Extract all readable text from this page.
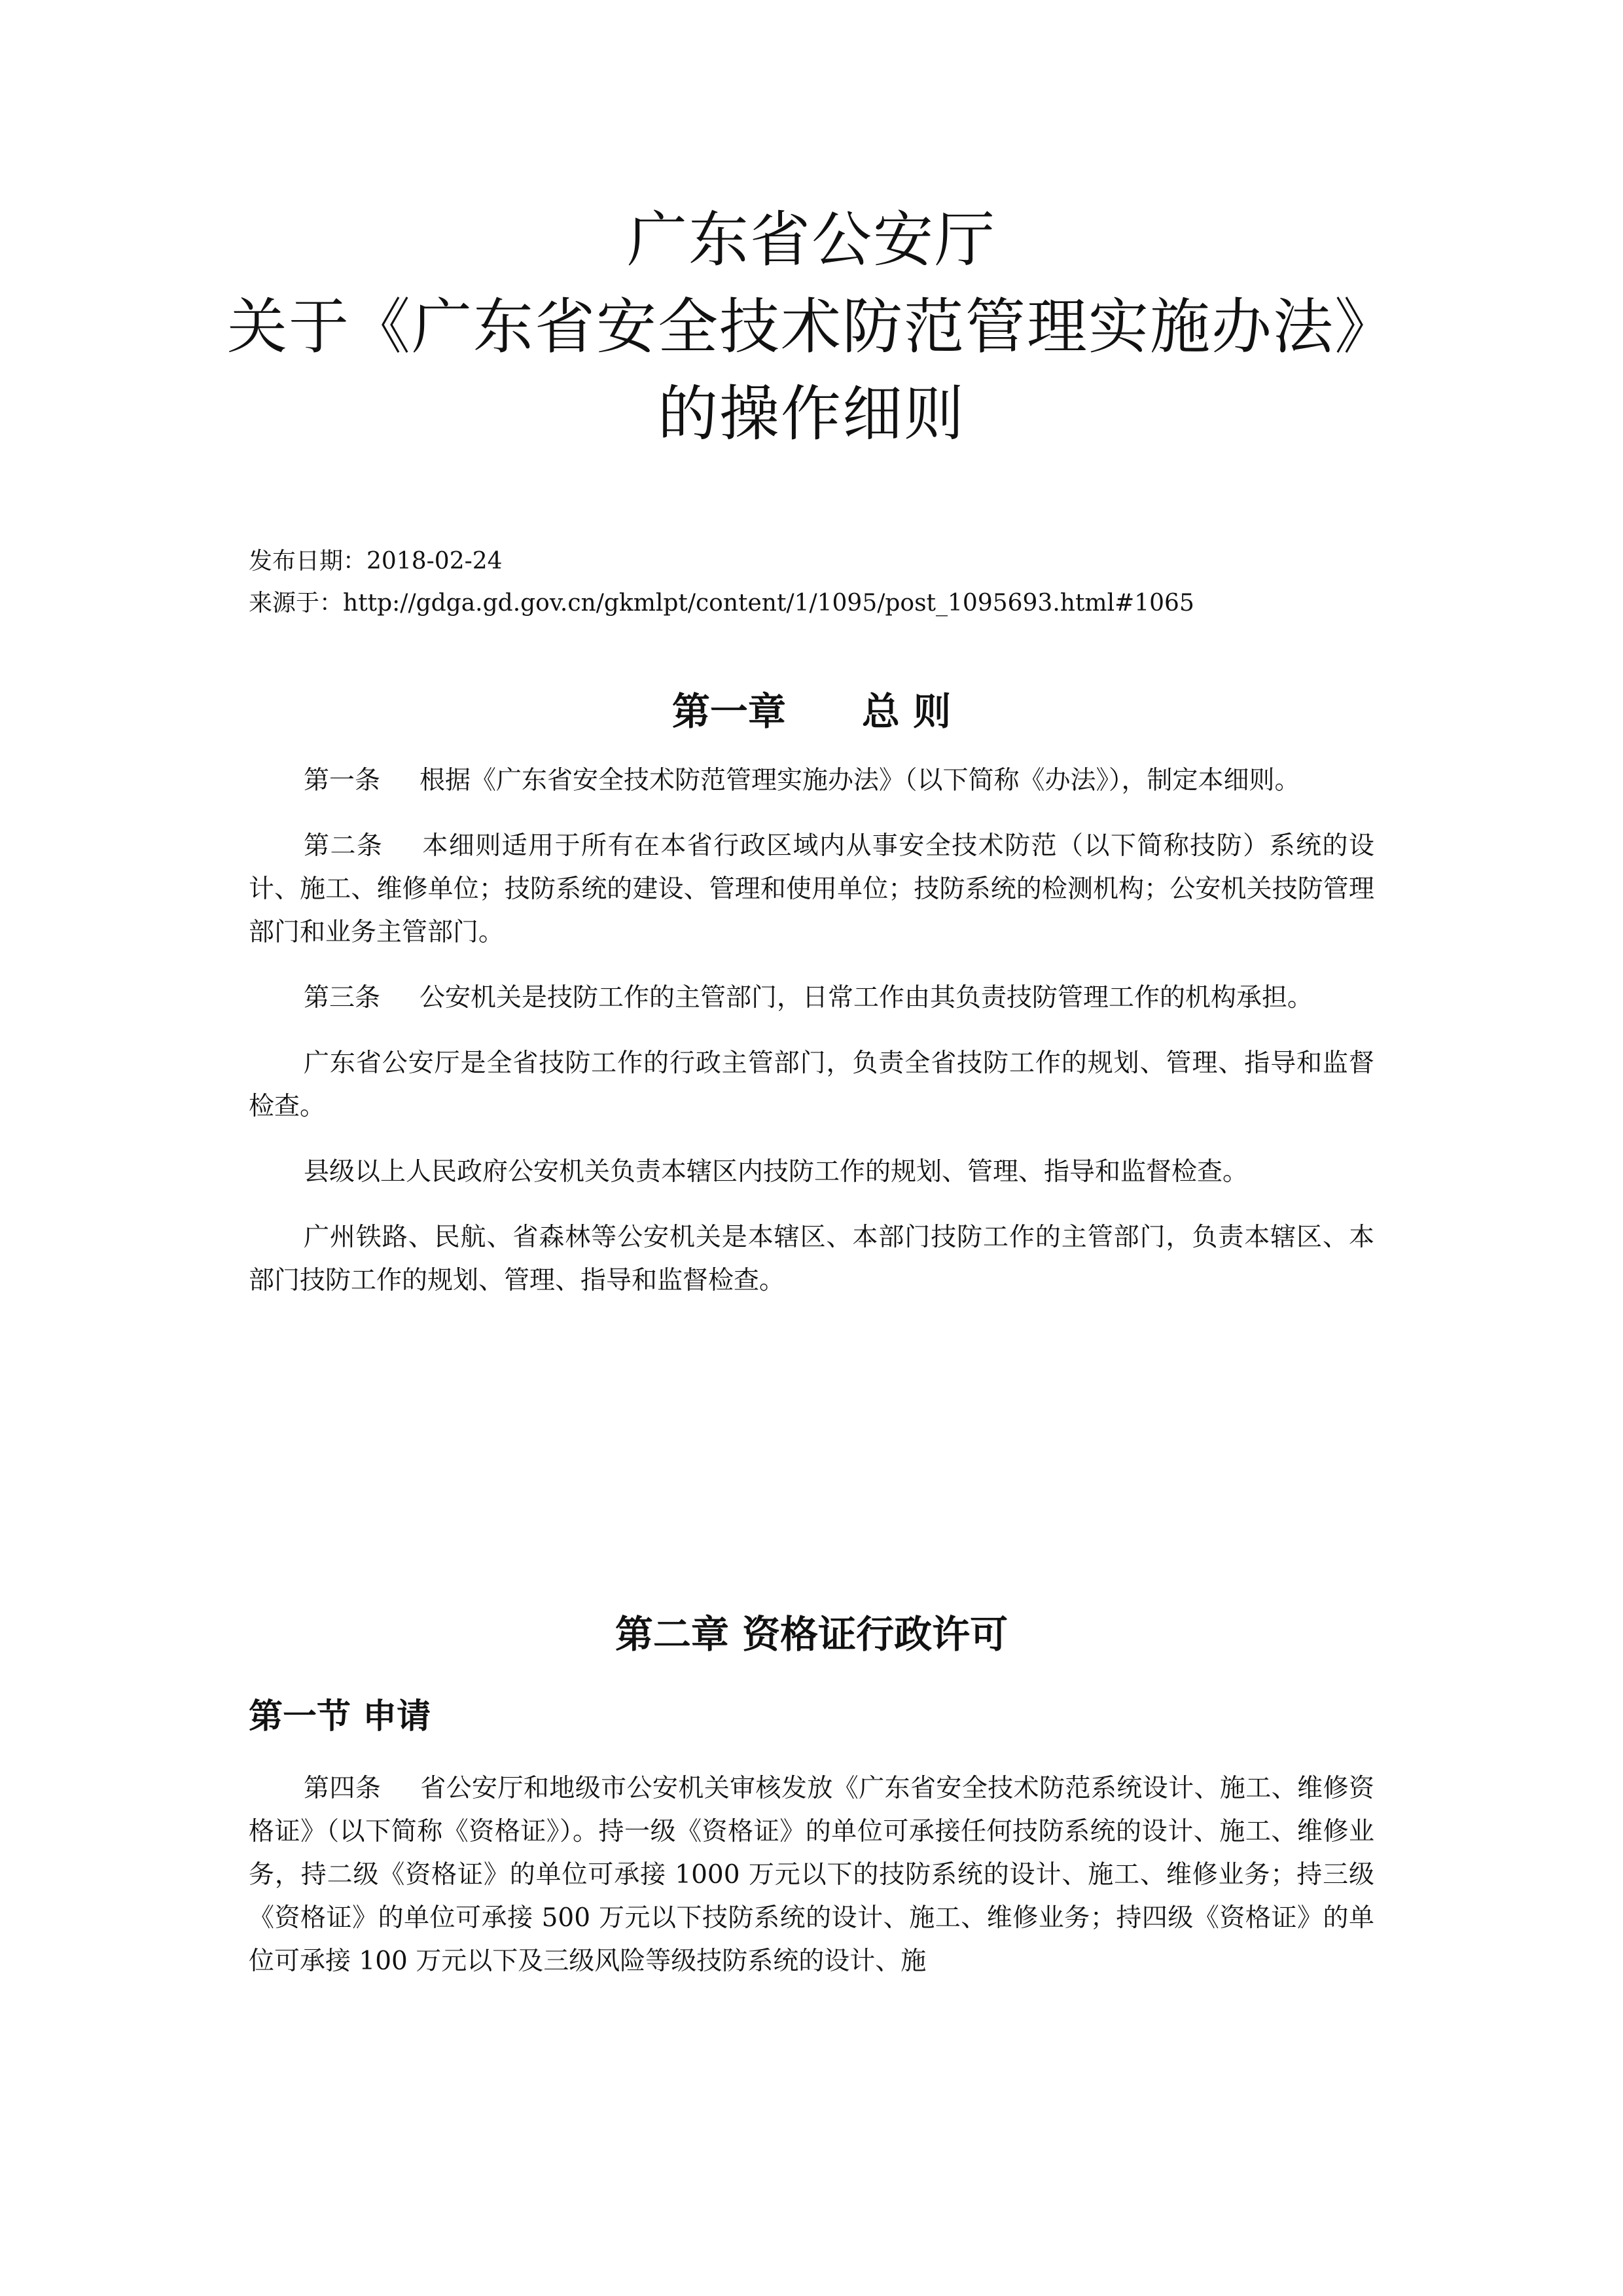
广东省公安厅
关于《广东省安全技术防范管理实施办法》
的操作细则
发布日期：2018-02-24
来源于：http://gdga.gd.gov.cn/gkmlpt/content/1/1095/post_1095693.html#1065
第一章　　总 则

第一条 根据《广东省安全技术防范管理实施办法》（以下简称《办法》），制定本细则。

第二条 本细则适用于所有在本省行政区域内从事安全技术防范（以下简称技防）系统的设计、施工、维修单位；技防系统的建设、管理和使用单位；技防系统的检测机构；公安机关技防管理部门和业务主管部门。

第三条 公安机关是技防工作的主管部门，日常工作由其负责技防管理工作的机构承担。

广东省公安厅是全省技防工作的行政主管部门，负责全省技防工作的规划、管理、指导和监督检查。

县级以上人民政府公安机关负责本辖区内技防工作的规划、管理、指导和监督检查。

广州铁路、民航、省森林等公安机关是本辖区、本部门技防工作的主管部门，负责本辖区、本部门技防工作的规划、管理、指导和监督检查。

第二章 资格证行政许可
第一节 申请

第四条 省公安厅和地级市公安机关审核发放《广东省安全技术防范系统设计、施工、维修资格证》（以下简称《资格证》）。持一级《资格证》的单位可承接任何技防系统的设计、施工、维修业务，持二级《资格证》的单位可承接 1000 万元以下的技防系统的设计、施工、维修业务；持三级《资格证》的单位可承接 500 万元以下技防系统的设计、施工、维修业务；持四级《资格证》的单位可承接 100 万元以下及三级风险等级技防系统的设计、施
